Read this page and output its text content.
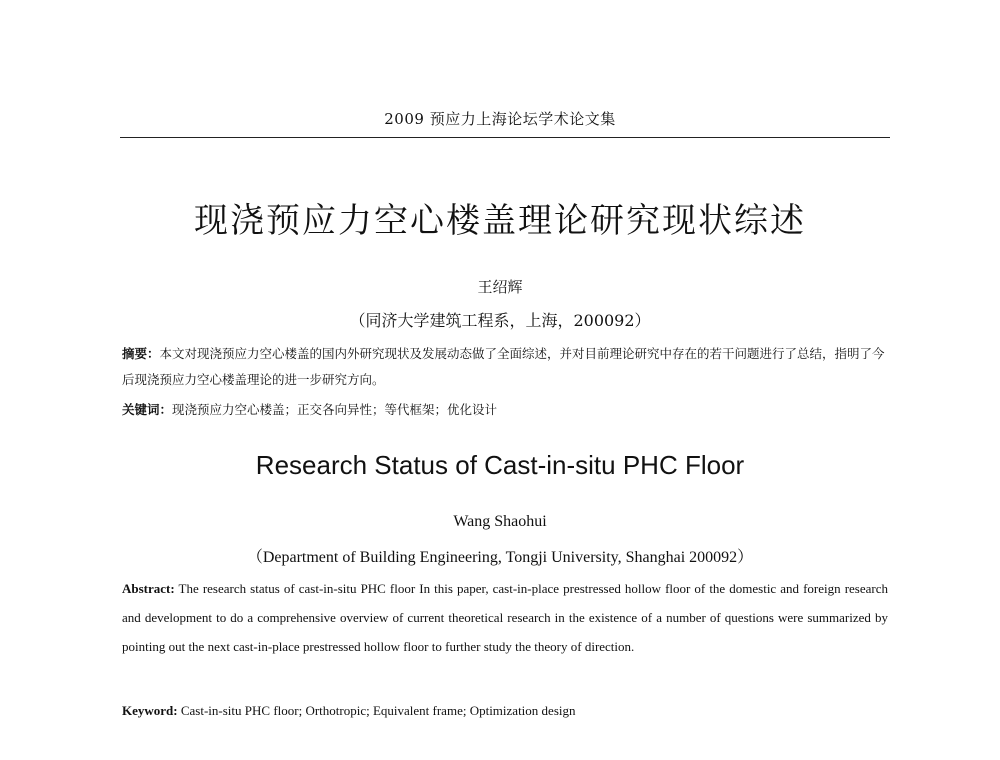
2009 预应力上海论坛学术论文集
现浇预应力空心楼盖理论研究现状综述
王绍辉
（同济大学建筑工程系，上海，200092）
摘要：本文对现浇预应力空心楼盖的国内外研究现状及发展动态做了全面综述，并对目前理论研究中存在的若干问题进行了总结，指明了今后现浇预应力空心楼盖理论的进一步研究方向。
关键词：现浇预应力空心楼盖；正交各向异性；等代框架；优化设计
Research Status of Cast-in-situ PHC Floor
Wang Shaohui
（Department of Building Engineering, Tongji University, Shanghai 200092）
Abstract: The research status of cast-in-situ PHC floor In this paper, cast-in-place prestressed hollow floor of the domestic and foreign research and development to do a comprehensive overview of current theoretical research in the existence of a number of questions were summarized by pointing out the next cast-in-place prestressed hollow floor to further study the theory of direction.
Keyword: Cast-in-situ PHC floor; Orthotropic; Equivalent frame; Optimization design
